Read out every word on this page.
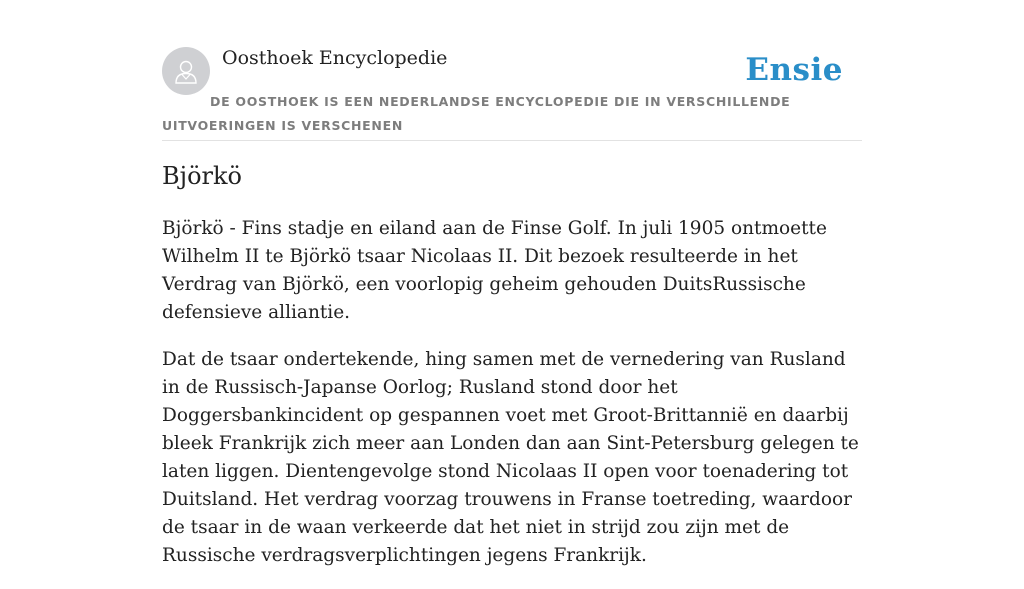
Oosthoek Encyclopedie	Ensie
DE OOSTHOEK IS EEN NEDERLANDSE ENCYCLOPEDIE DIE IN VERSCHILLENDE UITVOERINGEN IS VERSCHENEN
Björkö

Björkö - Fins stadje en eiland aan de Finse Golf. In juli 1905 ontmoette Wilhelm II te Björkö tsaar Nicolaas II. Dit bezoek resulteerde in het Verdrag van Björkö, een voorlopig geheim gehouden DuitsRussische defensieve alliantie.

Dat de tsaar ondertekende, hing samen met de vernedering van Rusland in de Russisch-Japanse Oorlog; Rusland stond door het Doggersbankincident op gespannen voet met Groot-Brittannië en daarbij bleek Frankrijk zich meer aan Londen dan aan Sint-Petersburg gelegen te laten liggen. Dientengevolge stond Nicolaas II open voor toenadering tot Duitsland. Het verdrag voorzag trouwens in Franse toetreding, waardoor de tsaar in de waan verkeerde dat het niet in strijd zou zijn met de Russische verdragsverplichtingen jegens Frankrijk.
